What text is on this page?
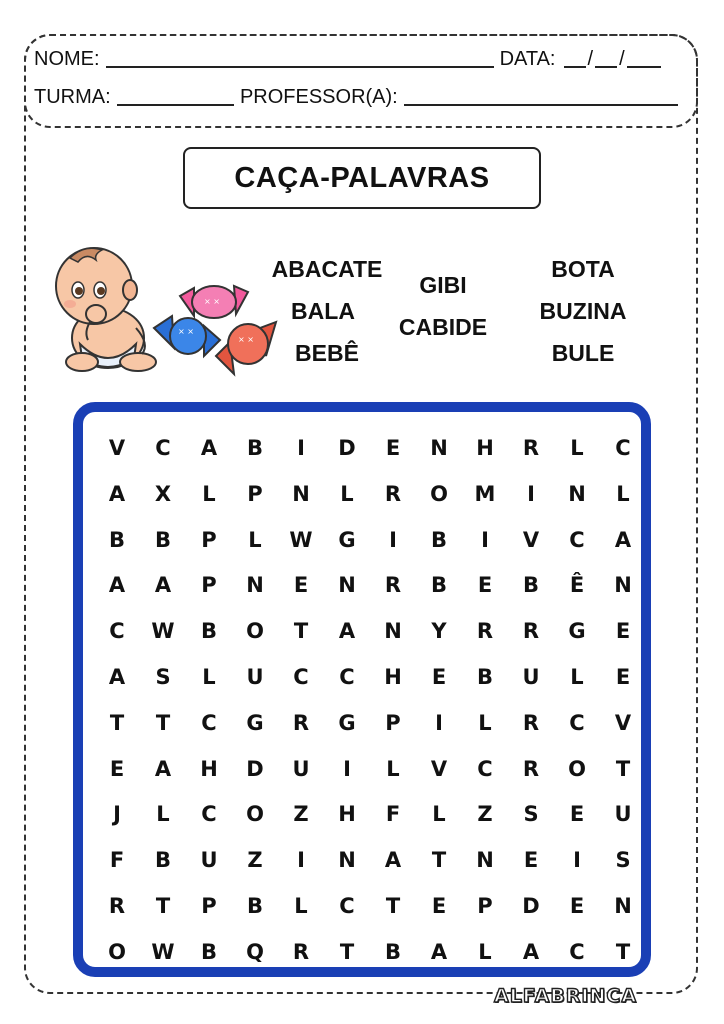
NOME:	DATA: / /
TURMA:	PROFESSOR(A):
CAÇA-PALAVRAS
ABACATE
BALA
BEBÊ
GIBI
CABIDE
BOTA
BUZINA
BULE
× ×
× ×
× ×
V	C	A	B	I	D	E	N	H	R	L	C
A	X	L	P	N	L	R	O	M	I	N	L
B	B	P	L	W	G	I	B	I	V	C	A
A	A	P	N	E	N	R	B	E	B	Ê	N
C	W	B	O	T	A	N	Y	R	R	G	E
A	S	L	U	C	C	H	E	B	U	L	E
T	T	C	G	R	G	P	I	L	R	C	V
E	A	H	D	U	I	L	V	C	R	O	T
J	L	C	O	Z	H	F	L	Z	S	E	U
F	B	U	Z	I	N	A	T	N	E	I	S
R	T	P	B	L	C	T	E	P	D	E	N
O	W	B	Q	R	T	B	A	L	A	C	T
ALFABRINCA
